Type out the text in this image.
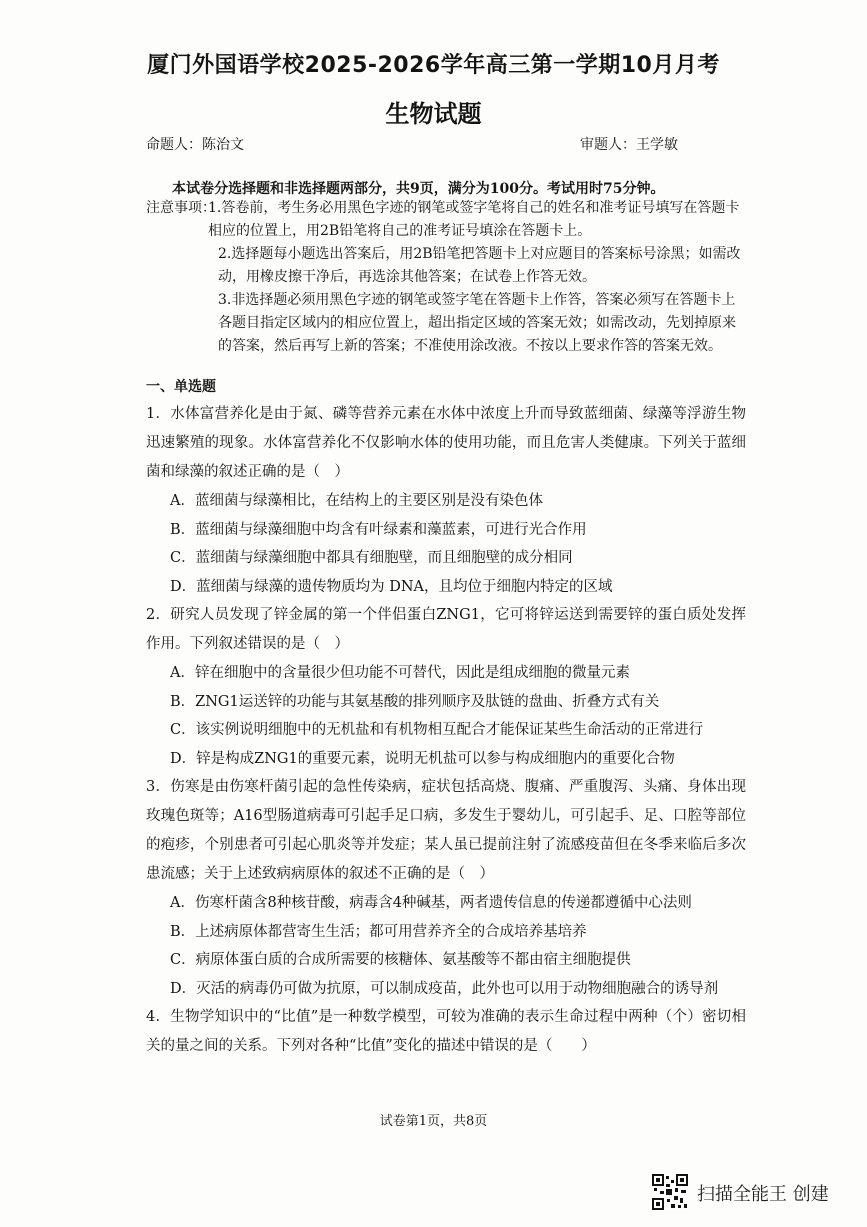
厦门外国语学校2025-2026学年高三第一学期10月月考
生物试题
命题人：陈治文	审题人：王学敏
本试卷分选择题和非选择题两部分，共9页，满分为100分。考试用时75分钟。
注意事项：
1.答卷前，考生务必用黑色字迹的钢笔或签字笔将自己的姓名和准考证号填写在答题卡相应的位置上，用2B铅笔将自己的准考证号填涂在答题卡上。
2.选择题每小题选出答案后，用2B铅笔把答题卡上对应题目的答案标号涂黑；如需改动，用橡皮擦干净后，再选涂其他答案；在试卷上作答无效。
3.非选择题必须用黑色字迹的钢笔或签字笔在答题卡上作答，答案必须写在答题卡上各题目指定区域内的相应位置上，超出指定区域的答案无效；如需改动，先划掉原来的答案，然后再写上新的答案；不准使用涂改液。不按以上要求作答的答案无效。
一、单选题

1．水体富营养化是由于氮、磷等营养元素在水体中浓度上升而导致蓝细菌、绿藻等浮游生物迅速繁殖的现象。水体富营养化不仅影响水体的使用功能，而且危害人类健康。下列关于蓝细菌和绿藻的叙述正确的是（　）

A．蓝细菌与绿藻相比，在结构上的主要区别是没有染色体

B．蓝细菌与绿藻细胞中均含有叶绿素和藻蓝素，可进行光合作用

C．蓝细菌与绿藻细胞中都具有细胞壁，而且细胞壁的成分相同

D．蓝细菌与绿藻的遗传物质均为 DNA，且均位于细胞内特定的区域

2．研究人员发现了锌金属的第一个伴侣蛋白ZNG1，它可将锌运送到需要锌的蛋白质处发挥作用。下列叙述错误的是（　）

A．锌在细胞中的含量很少但功能不可替代，因此是组成细胞的微量元素

B．ZNG1运送锌的功能与其氨基酸的排列顺序及肽链的盘曲、折叠方式有关

C．该实例说明细胞中的无机盐和有机物相互配合才能保证某些生命活动的正常进行

D．锌是构成ZNG1的重要元素，说明无机盐可以参与构成细胞内的重要化合物

3．伤寒是由伤寒杆菌引起的急性传染病，症状包括高烧、腹痛、严重腹泻、头痛、身体出现玫瑰色斑等；A16型肠道病毒可引起手足口病，多发生于婴幼儿，可引起手、足、口腔等部位的疱疹，个别患者可引起心肌炎等并发症；某人虽已提前注射了流感疫苗但在冬季来临后多次患流感；关于上述致病病原体的叙述不正确的是（　）

A．伤寒杆菌含8种核苷酸，病毒含4种碱基，两者遗传信息的传递都遵循中心法则

B．上述病原体都营寄生生活；都可用营养齐全的合成培养基培养

C．病原体蛋白质的合成所需要的核糖体、氨基酸等不都由宿主细胞提供

D．灭活的病毒仍可做为抗原，可以制成疫苗，此外也可以用于动物细胞融合的诱导剂

4．生物学知识中的“比值”是一种数学模型，可较为准确的表示生命过程中两种（个）密切相关的量之间的关系。下列对各种“比值”变化的描述中错误的是（　　）

试卷第1页，共8页
扫描全能王 创建
